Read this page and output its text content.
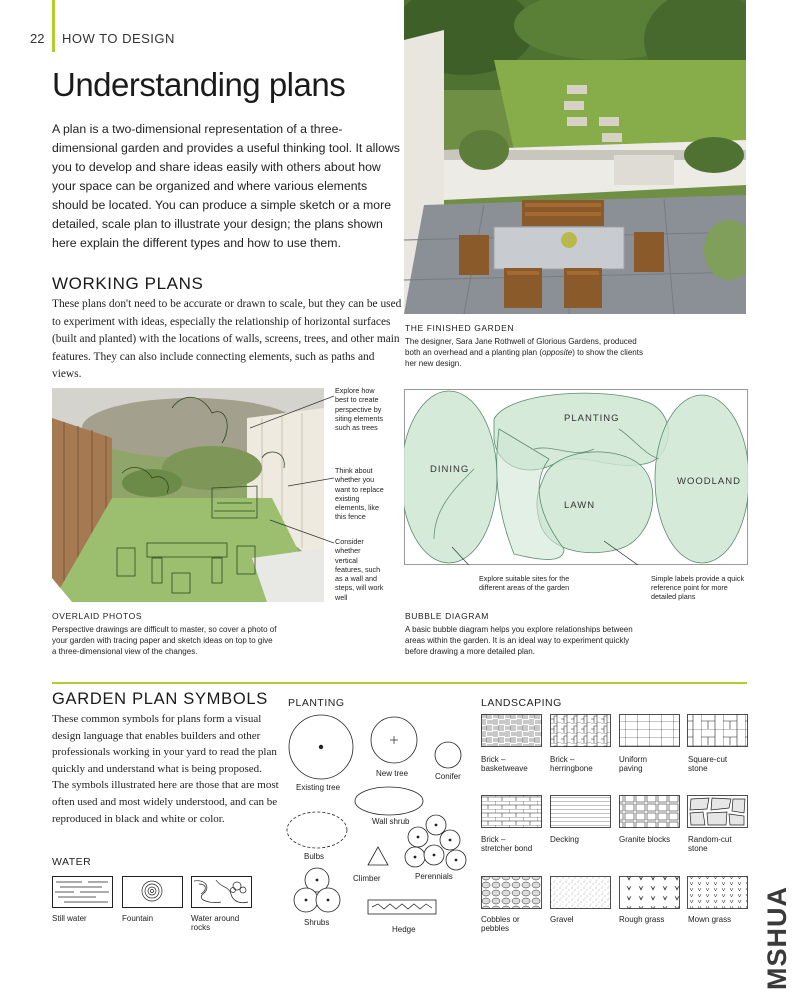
22 HOW TO DESIGN
Understanding plans
A plan is a two-dimensional representation of a three-dimensional garden and provides a useful thinking tool. It allows you to develop and share ideas easily with others about how your space can be organized and where various elements should be located. You can produce a simple sketch or a more detailed, scale plan to illustrate your design; the plans shown here explain the different types and how to use them.
WORKING PLANS
These plans don't need to be accurate or drawn to scale, but they can be used to experiment with ideas, especially the relationship of horizontal surfaces (built and planted) with the locations of walls, screens, trees, and other main features. They can also include connecting elements, such as paths and views.
THE FINISHED GARDEN
The designer, Sara Jane Rothwell of Glorious Gardens, produced both an overhead and a planting plan (opposite) to show the clients her new design.
Explore how best to create perspective by siting elements such as trees
Think about whether you want to replace existing elements, like this fence
Consider whether vertical features, such as a wall and steps, will work well
OVERLAID PHOTOS
Perspective drawings are difficult to master, so cover a photo of your garden with tracing paper and sketch ideas on top to give a three-dimensional view of the changes.
PLANTING
DINING
WOODLAND
LAWN
Explore suitable sites for the different areas of the garden
Simple labels provide a quick reference point for more detailed plans
BUBBLE DIAGRAM
A basic bubble diagram helps you explore relationships between areas within the garden. It is an ideal way to experiment quickly before drawing a more detailed plan.
GARDEN PLAN SYMBOLS
These common symbols for plans form a visual design language that enables builders and other professionals working in your yard to read the plan quickly and understand what is being proposed. The symbols illustrated here are those that are most often used and most widely understood, and can be reproduced in black and white or color.
WATER
Still water	Fountain	Water around rocks
PLANTING
Existing tree
New tree	Conifer
Wall shrub
Bulbs
Climber	Perennials
Shrubs
Hedge
LANDSCAPING
Brick – basketweave
Brick – herringbone
Uniform paving
Square-cut stone
Brick – stretcher bond
Decking	Granite blocks	Random-cut stone
Cobbles or pebbles
Gravel	Rough grass	Mown grass	MSHUA
